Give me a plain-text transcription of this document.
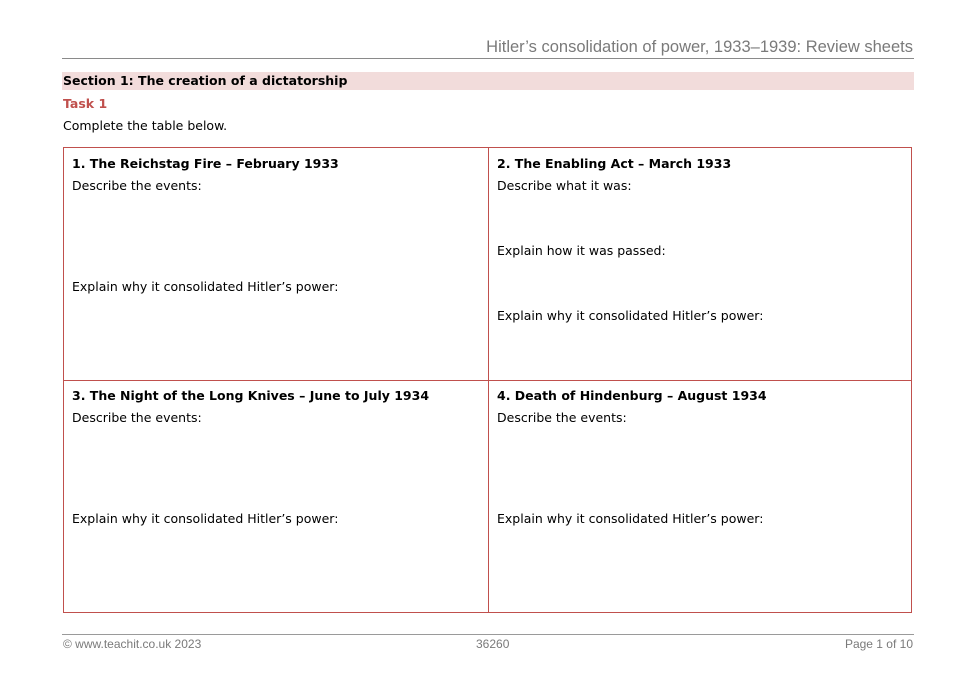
Hitler’s consolidation of power, 1933–1939: Review sheets
Section 1: The creation of a dictatorship
Task 1
Complete the table below.
1. The Reichstag Fire – February 1933
Describe the events:
Explain why it consolidated Hitler’s power:
2. The Enabling Act – March 1933
Describe what it was:
Explain how it was passed:
Explain why it consolidated Hitler’s power:
3. The Night of the Long Knives – June to July 1934
Describe the events:
Explain why it consolidated Hitler’s power:
4. Death of Hindenburg – August 1934
Describe the events:
Explain why it consolidated Hitler’s power:
© www.teachit.co.uk 2023	36260	Page 1 of 10
